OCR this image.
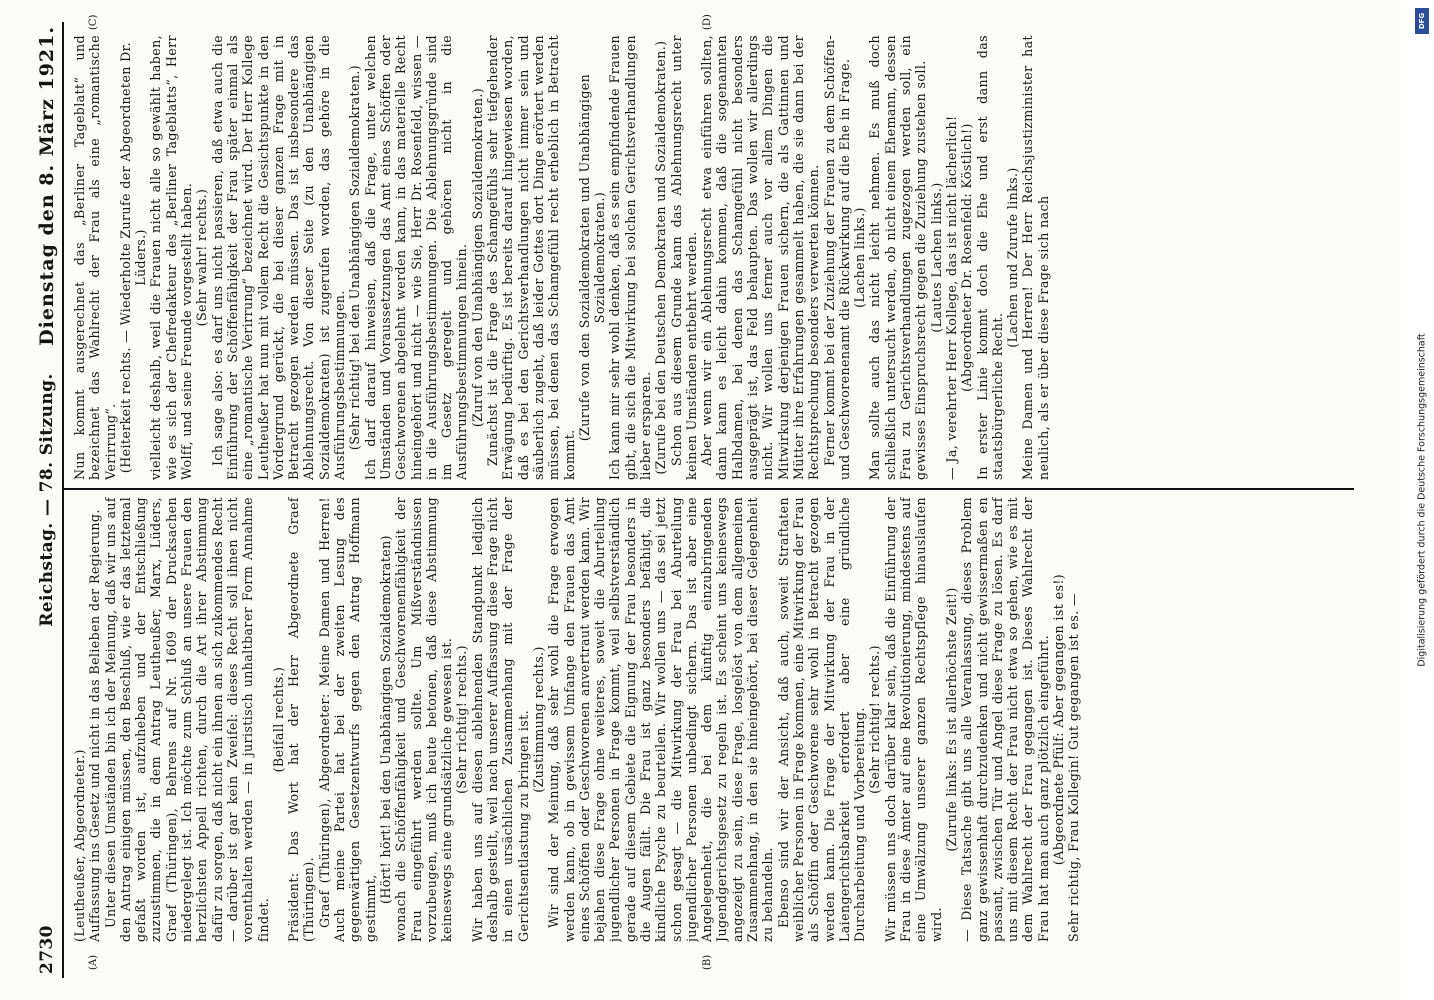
2730
Reichstag. — 78. Sitzung.
Dienstag den 8. März 1921.
(A)	(B)
(C)	(D)

(Leutheußer, Abgeordneter.) Auffassung ins Gesetz und nicht in das Belieben der Regierung. Unter diesen Umständen bin ich der Meinung, daß wir uns auf den Antrag einigen müssen, den Beschluß, wie er das letztemal gefaßt worden ist, aufzuheben und der Entschließung zuzustimmen, die in dem Antrag Leutheußer, Marx, Lüders, Graef (Thüringen), Behrens auf Nr. 1609 der Drucksachen niedergelegt ist. Ich möchte zum Schluß an unsere Frauen den herzlichsten Appell richten, durch die Art ihrer Abstimmung dafür zu sorgen, daß nicht ein ihnen an sich zukommendes Recht — darüber ist gar kein Zweifel: dieses Recht soll ihnen nicht vorenthalten werden — in juristisch unhaltbarer Form Annahme findet.

(Beifall rechts.) Präsident: Das Wort hat der Herr Abgeordnete Graef (Thüringen). Graef (Thüringen), Abgeordneter: Meine Damen und Herren! Auch meine Partei hat bei der zweiten Lesung des gegenwärtigen Gesetzentwurfs gegen den Antrag Hoffmann gestimmt,

(Hört! hört! bei den Unabhängigen Sozialdemokraten) wonach die Schöffenfähigkeit und Geschworenenfähigkeit der Frau eingeführt werden sollte. Um Mißverständnissen vorzubeugen, muß ich heute betonen, daß diese Abstimmung keineswegs eine grundsätzliche gewesen ist. (Sehr richtig! rechts.) Wir haben uns auf diesen ablehnenden Standpunkt lediglich deshalb gestellt, weil nach unserer Auffassung diese Frage nicht in einen ursächlichen Zusammenhang mit der Frage der Gerichtsentlastung zu bringen ist. (Zustimmung rechts.) Wir sind der Meinung, daß sehr wohl die Frage erwogen werden kann, ob in gewissem Umfange den Frauen das Amt eines Schöffen oder Geschworenen anvertraut werden kann. Wir bejahen diese Frage ohne weiteres, soweit die Aburteilung jugendlicher Personen in Frage kommt, weil selbstverständlich gerade auf diesem Gebiete die Eignung der Frau besonders in die Augen fällt. Die Frau ist ganz besonders befähigt, die kindliche Psyche zu beurteilen. Wir wollen uns — das sei jetzt schon gesagt — die Mitwirkung der Frau bei Aburteilung jugendlicher Personen unbedingt sichern. Das ist aber eine Angelegenheit, die bei dem künftig einzubringenden Jugendgerichtsgesetz zu regeln ist. Es scheint uns keineswegs angezeigt zu sein, diese Frage, losgelöst von dem allgemeinen Zusammenhang, in den sie hineingehört, bei dieser Gelegenheit zu behandeln. Ebenso sind wir der Ansicht, daß auch, soweit Straftaten weiblicher Personen in Frage kommen, eine Mitwirkung der Frau als Schöffin oder Geschworene sehr wohl in Betracht gezogen werden kann. Die Frage der Mitwirkung der Frau in der Laiengerichtsbarkeit erfordert aber eine gründliche Durcharbeitung und Vorbereitung. (Sehr richtig! rechts.) Wir müssen uns doch darüber klar sein, daß die Einführung der Frau in diese Ämter auf eine Revolutionierung, mindestens auf eine Umwälzung unserer ganzen Rechtspflege hinauslaufen wird.

(Zurufe links: Es ist allerhöchste Zeit!) — Diese Tatsache gibt uns alle Veranlassung, dieses Problem ganz gewissenhaft durchzudenken und nicht gewissermaßen en passant, zwischen Tür und Angel diese Frage zu lösen. Es darf uns mit diesem Recht der Frau nicht etwa so gehen, wie es mit dem Wahlrecht der Frau gegangen ist. Dieses Wahlrecht der Frau hat man auch ganz plötzlich eingeführt. (Abgeordnete Pfülf: Aber gegangen ist es!) Sehr richtig, Frau Kollegin! Gut gegangen ist es. —

Nun kommt ausgerechnet das „Berliner Tageblatt“ und bezeichnet das Wahlrecht der Frau als eine „romantische Verirrung“. (Heiterkeit rechts. — Wiederholte Zurufe der Abgeordneten Dr. Lüders.) vielleicht deshalb, weil die Frauen nicht alle so gewählt haben, wie es sich der Chefredakteur des „Berliner Tageblatts“, Herr Wolff, und seine Freunde vorgestellt haben. (Sehr wahr! rechts.) Ich sage also: es darf uns nicht passieren, daß etwa auch die Einführung der Schöffenfähigkeit der Frau später einmal als eine „romantische Verirrung“ bezeichnet wird. Der Herr Kollege Leutheußer hat nun mit vollem Recht die Gesichtspunkte in den Vordergrund gerückt, die bei dieser ganzen Frage mit in Betracht gezogen werden müssen. Das ist insbesondere das Ablehnungsrecht. Von dieser Seite (zu den Unabhängigen Sozialdemokraten) ist zugerufen worden, das gehöre in die Ausführungsbestimmungen. (Sehr richtig! bei den Unabhängigen Sozialdemokraten.) Ich darf darauf hinweisen, daß die Frage, unter welchen Umständen und Voraussetzungen das Amt eines Schöffen oder Geschworenen abgelehnt werden kann, in das materielle Recht hineingehört und nicht — wie Sie, Herr Dr. Rosenfeld, wissen — in die Ausführungsbestimmungen. Die Ablehnungsgründe sind im Gesetz geregelt und gehören nicht in die Ausführungsbestimmungen hinein. (Zuruf von den Unabhängigen Sozialdemokraten.) Zunächst ist die Frage des Schamgefühls sehr tiefgehender Erwägung bedürftig. Es ist bereits darauf hingewiesen worden, daß es bei den Gerichtsverhandlungen nicht immer sein und säuberlich zugeht, daß leider Gottes dort Dinge erörtert werden müssen, bei denen das Schamgefühl recht erheblich in Betracht kommt.

(Zurufe von den Sozialdemokraten und Unabhängigen Sozialdemokraten.) Ich kann mir sehr wohl denken, daß es sein empfindende Frauen gibt, die sich die Mitwirkung bei solchen Gerichtsverhandlungen lieber ersparen. (Zurufe bei den Deutschen Demokraten und Sozialdemokraten.) Schon aus diesem Grunde kann das Ablehnungsrecht unter keinen Umständen entbehrt werden. Aber wenn wir ein Ablehnungsrecht etwa einführen sollten, dann kann es leicht dahin kommen, daß die sogenannten Halbdamen, bei denen das Schamgefühl nicht besonders ausgeprägt ist, das Feld behaupten. Das wollen wir allerdings nicht. Wir wollen uns ferner auch vor allem Dingen die Mitwirkung derjenigen Frauen sichern, die als Gattinnen und Mütter ihre Erfahrungen gesammelt haben, die sie dann bei der Rechtsprechung besonders verwerten können. Ferner kommt bei der Zuziehung der Frauen zu dem Schöffen- und Geschworenenamt die Rückwirkung auf die Ehe in Frage. (Lachen links.) Man sollte auch das nicht leicht nehmen. Es muß doch schließlich untersucht werden, ob nicht einem Ehemann, dessen Frau zu Gerichtsverhandlungen zugezogen werden soll, ein gewisses Einspruchsrecht gegen die Zuziehung zustehen soll. (Lautes Lachen links.) — Ja, verehrter Herr Kollege, das ist nicht lächerlich! (Abgeordneter Dr. Rosenfeld: Köstlich!) In erster Linie kommt doch die Ehe und erst dann das staatsbürgerliche Recht.

(Lachen und Zurufe links.) Meine Damen und Herren! Der Herr Reichsjustizminister hat neulich, als er über diese Frage sich nach	Digitalisierung gefördert durch die Deutsche Forschungsgemeinschaft
DFG
